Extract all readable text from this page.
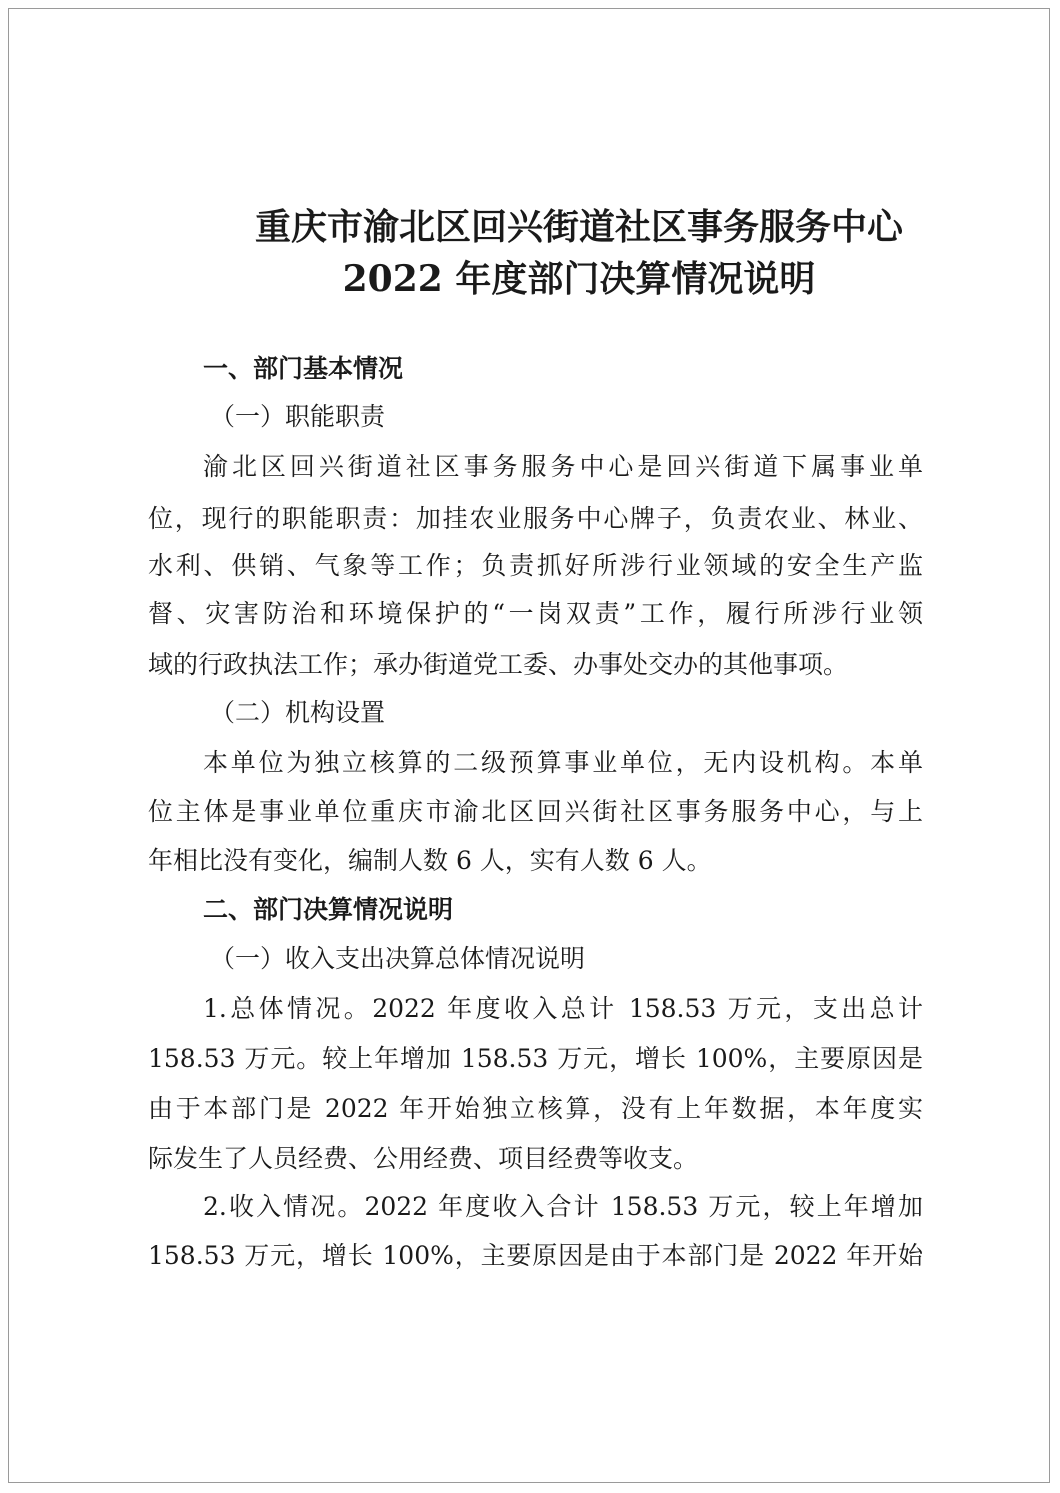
重庆市渝北区回兴街道社区事务服务中心
2022 年度部门决算情况说明
一、部门基本情况
（一）职能职责
渝北区回兴街道社区事务服务中心是回兴街道下属事业单
位，现行的职能职责：加挂农业服务中心牌子，负责农业、林业、
水利、供销、气象等工作；负责抓好所涉行业领域的安全生产监
督、灾害防治和环境保护的“一岗双责”工作，履行所涉行业领
域的行政执法工作；承办街道党工委、办事处交办的其他事项。
（二）机构设置
本单位为独立核算的二级预算事业单位，无内设机构。本单
位主体是事业单位重庆市渝北区回兴街社区事务服务中心，与上
年相比没有变化，编制人数 6 人，实有人数 6 人。
二、部门决算情况说明
（一）收入支出决算总体情况说明
1.总体情况。2022 年度收入总计 158.53 万元，支出总计
158.53 万元。较上年增加 158.53 万元，增长 100%，主要原因是
由于本部门是 2022 年开始独立核算，没有上年数据，本年度实
际发生了人员经费、公用经费、项目经费等收支。
2.收入情况。2022 年度收入合计 158.53 万元，较上年增加
158.53 万元，增长 100%，主要原因是由于本部门是 2022 年开始
